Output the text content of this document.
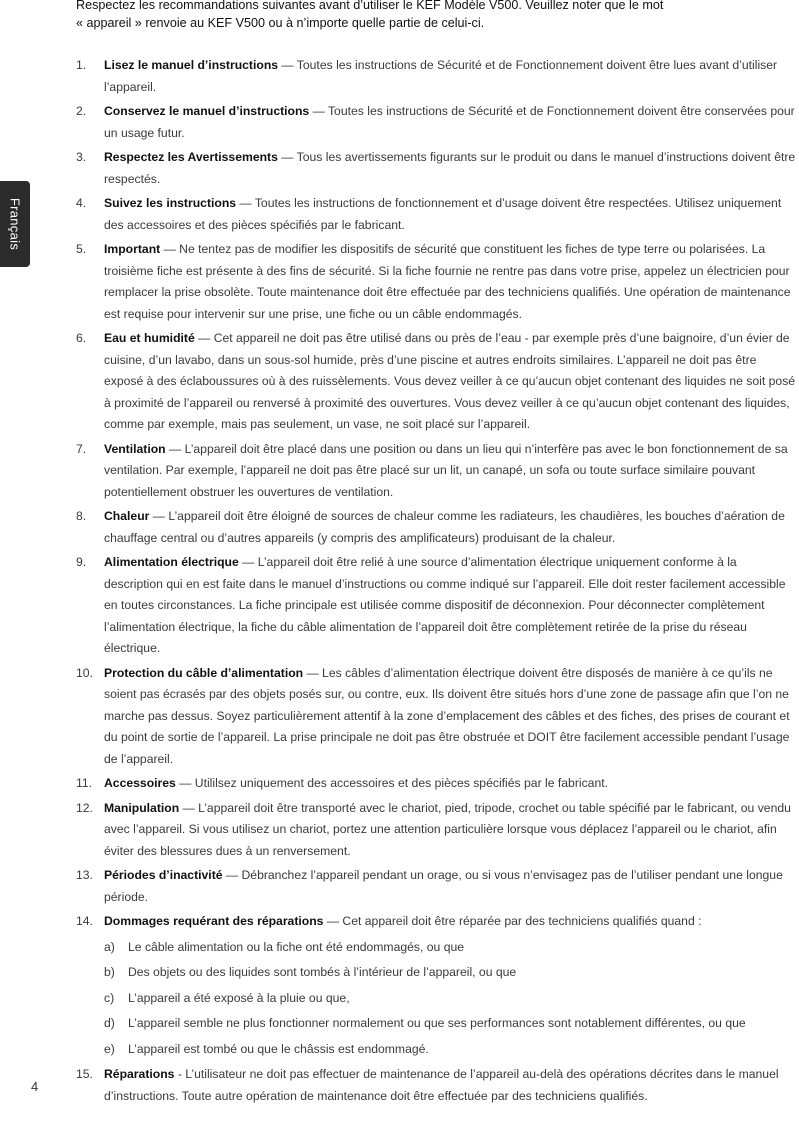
Français

Respectez les recommandations suivantes avant d’utiliser le KEF Modèle V500. Veuillez noter que le mot

« appareil » renvoie au KEF V500 ou à n’importe quelle partie de celui-ci.

1. Lisez le manuel d’instructions — Toutes les instructions de Sécurité et de Fonctionnement doivent être lues avant d’utiliser l’appareil.
2. Conservez le manuel d’instructions — Toutes les instructions de Sécurité et de Fonctionnement doivent être conservées pour un usage futur.
3. Respectez les Avertissements — Tous les avertissements figurants sur le produit ou dans le manuel d’instructions doivent être respectés.
4. Suivez les instructions — Toutes les instructions de fonctionnement et d’usage doivent être respectées. Utilisez uniquement des accessoires et des pièces spécifiés par le fabricant.
5. Important — Ne tentez pas de modifier les dispositifs de sécurité que constituent les fiches de type terre ou polarisées. La troisième fiche est présente à des fins de sécurité. Si la fiche fournie ne rentre pas dans votre prise, appelez un électricien pour remplacer la prise obsolète. Toute maintenance doit être effectuée par des techniciens qualifiés. Une opération de maintenance est requise pour intervenir sur une prise, une fiche ou un câble endommagés.
6. Eau et humidité — Cet appareil ne doit pas être utilisé dans ou près de l’eau - par exemple près d’une baignoire, d’un évier de cuisine, d’un lavabo, dans un sous-sol humide, près d’une piscine et autres endroits similaires. L’appareil ne doit pas être exposé à des éclaboussures où à des ruissèlements. Vous devez veiller à ce qu’aucun objet contenant des liquides ne soit posé à proximité de l’appareil ou renversé à proximité des ouvertures. Vous devez veiller à ce qu’aucun objet contenant des liquides, comme par exemple, mais pas seulement, un vase, ne soit placé sur l’appareil.
7. Ventilation — L’appareil doit être placé dans une position ou dans un lieu qui n’interfère pas avec le bon fonctionnement de sa ventilation. Par exemple, l’appareil ne doit pas être placé sur un lit, un canapé, un sofa ou toute surface similaire pouvant potentiellement obstruer les ouvertures de ventilation.
8. Chaleur — L’appareil doit être éloigné de sources de chaleur comme les radiateurs, les chaudières, les bouches d’aération de chauffage central ou d’autres appareils (y compris des amplificateurs) produisant de la chaleur.
9. Alimentation électrique — L’appareil doit être relié à une source d’alimentation électrique uniquement conforme à la description qui en est faite dans le manuel d’instructions ou comme indiqué sur l’appareil. Elle doit rester facilement accessible en toutes circonstances. La fiche principale est utilisée comme dispositif de déconnexion. Pour déconnecter complètement l’alimentation électrique, la fiche du câble alimentation de l’appareil doit être complètement retirée de la prise du réseau électrique.
10. Protection du câble d’alimentation — Les câbles d’alimentation électrique doivent être disposés de manière à ce qu’ils ne soient pas écrasés par des objets posés sur, ou contre, eux. Ils doivent être situés hors d’une zone de passage afin que l’on ne marche pas dessus. Soyez particulièrement attentif à la zone d’emplacement des câbles et des fiches, des prises de courant et du point de sortie de l’appareil. La prise principale ne doit pas être obstruée et DOIT être facilement accessible pendant l’usage de l’appareil.
11. Accessoires — Utililsez uniquement des accessoires et des pièces spécifiés par le fabricant.
12. Manipulation — L’appareil doit être transporté avec le chariot, pied, tripode, crochet ou table spécifié par le fabricant, ou vendu avec l’appareil. Si vous utilisez un chariot, portez une attention particulière lorsque vous déplacez l’appareil ou le chariot, afin éviter des blessures dues à un renversement.
13. Périodes d’inactivité — Débranchez l’appareil pendant un orage, ou si vous n’envisagez pas de l’utiliser pendant une longue période.
14. Dommages requérant des réparations — Cet appareil doit être réparée par des techniciens qualifiés quand :
a) Le câble alimentation ou la fiche ont été endommagés, ou que
b) Des objets ou des liquides sont tombés à l’intérieur de l’appareil, ou que
c) L’appareil a été exposé à la pluie ou que,
d) L’appareil semble ne plus fonctionner normalement ou que ses performances sont notablement différentes, ou que
e) L’appareil est tombé ou que le châssis est endommagé.
15. Réparations - L’utilisateur ne doit pas effectuer de maintenance de l’appareil au-delà des opérations décrites dans le manuel d’instructions. Toute autre opération de maintenance doit être effectuée par des techniciens qualifiés.
4
